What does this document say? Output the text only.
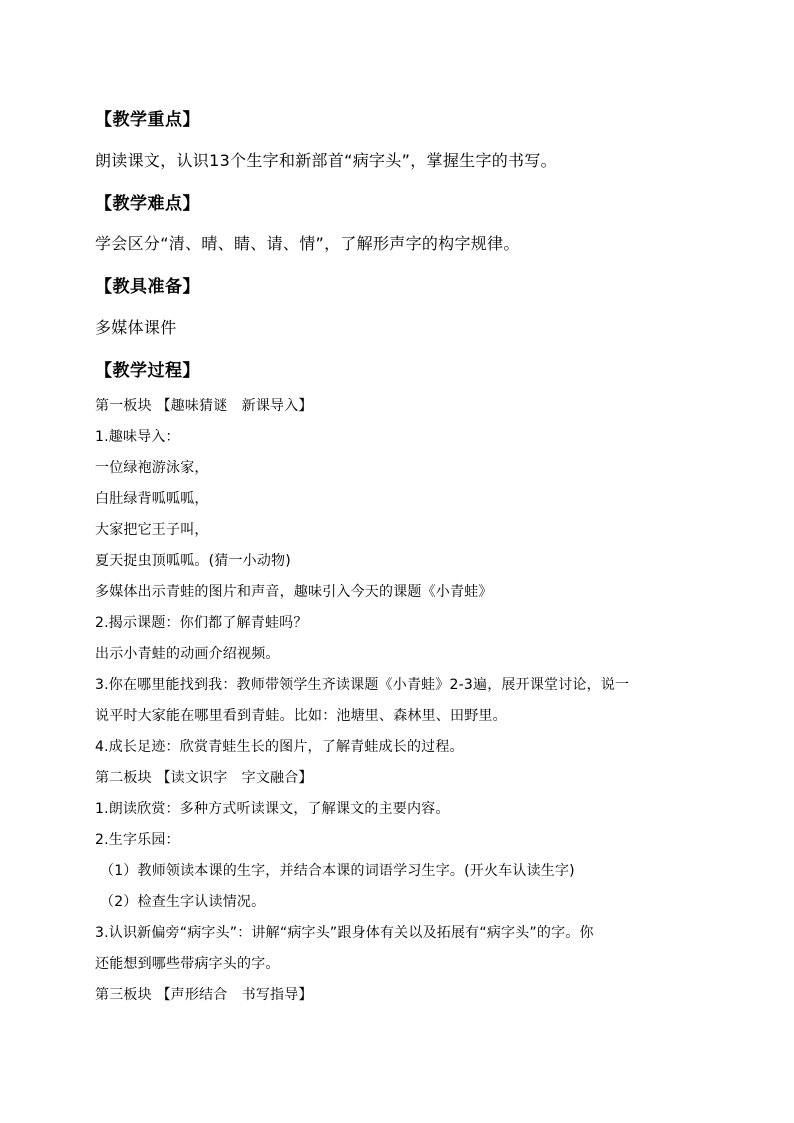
【教学重点】
朗读课文，认识13个生字和新部首“病字头”，掌握生字的书写。
【教学难点】
学会区分“清、晴、睛、请、情”，了解形声字的构字规律。
【教具准备】
多媒体课件
【教学过程】
第一板块 【趣味猜谜　新课导入】
1.趣味导入：
一位绿袍游泳家，
白肚绿背呱呱呱，
大家把它王子叫，
夏天捉虫顶呱呱。(猜一小动物)
多媒体出示青蛙的图片和声音，趣味引入今天的课题《小青蛙》
2.揭示课题：你们都了解青蛙吗？
出示小青蛙的动画介绍视频。
3.你在哪里能找到我：教师带领学生齐读课题《小青蛙》2-3遍，展开课堂讨论，说一
说平时大家能在哪里看到青蛙。比如：池塘里、森林里、田野里。
4.成长足迹：欣赏青蛙生长的图片，了解青蛙成长的过程。
第二板块 【读文识字　字文融合】
1.朗读欣赏：多种方式听读课文，了解课文的主要内容。
2.生字乐园：
（1）教师领读本课的生字，并结合本课的词语学习生字。(开火车认读生字)
（2）检查生字认读情况。
3.认识新偏旁“病字头”：讲解“病字头”跟身体有关以及拓展有“病字头”的字。你
还能想到哪些带病字头的字。
第三板块 【声形结合　书写指导】
